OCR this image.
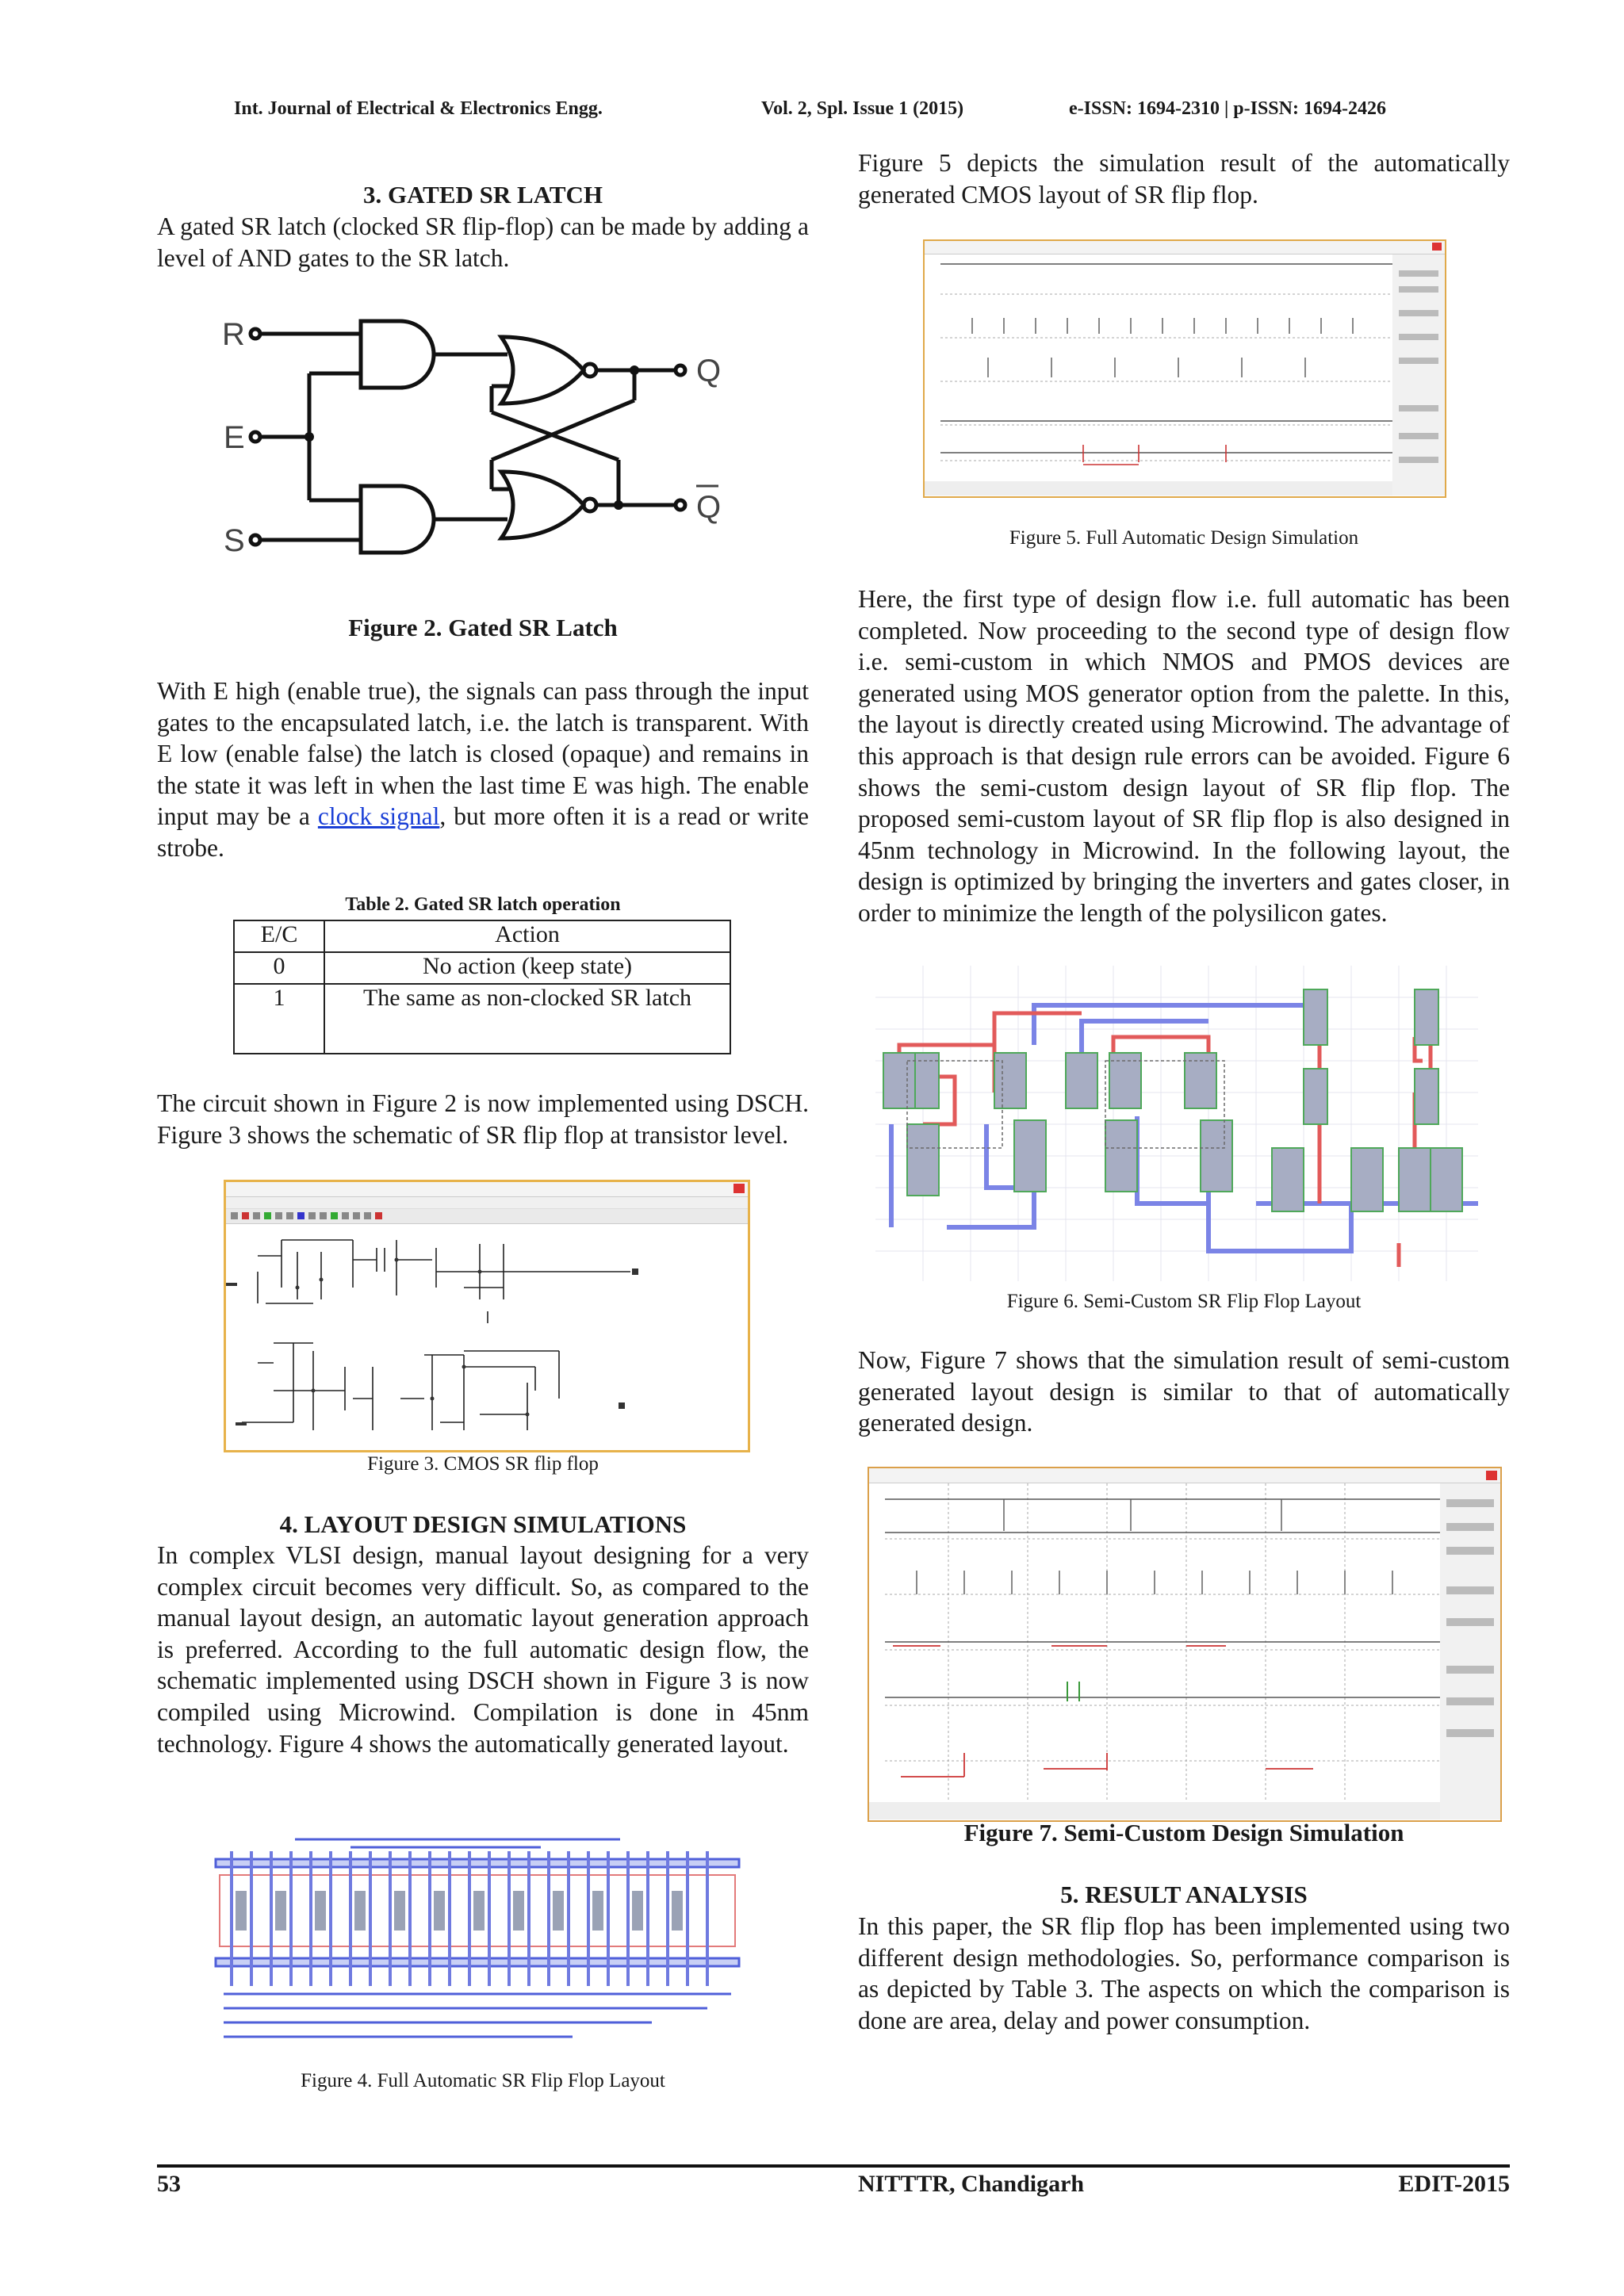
Int. Journal of Electrical & Electronics Engg.	Vol. 2, Spl. Issue 1 (2015)	e-ISSN: 1694-2310 | p-ISSN: 1694-2426

3. GATED SR LATCH

A gated SR latch (clocked SR flip-flop) can be made by adding a level of AND gates to the SR latch.

R
E
S
Q
Q
Figure 2. Gated SR Latch

With E high (enable true), the signals can pass through the input gates to the encapsulated latch, i.e. the latch is transparent. With E low (enable false) the latch is closed (opaque) and remains in the state it was left in when the last time E was high. The enable input may be a clock signal, but more often it is a read or write strobe.

Table 2. Gated SR latch operation
E/C	Action
0	No action (keep state)
1	The same as non-clocked SR latch

The circuit shown in Figure 2 is now implemented using DSCH. Figure 3 shows the schematic of SR flip flop at transistor level.

Figure 3. CMOS SR flip flop

4. LAYOUT DESIGN SIMULATIONS

In complex VLSI design, manual layout designing for a very complex circuit becomes very difficult. So, as compared to the manual layout design, an automatic layout generation approach is preferred. According to the full automatic design flow, the schematic implemented using DSCH shown in Figure 3 is now compiled using Microwind. Compilation is done in 45nm technology. Figure 4 shows the automatically generated layout.

Figure 4. Full Automatic SR Flip Flop Layout

Figure 5 depicts the simulation result of the automatically generated CMOS layout of SR flip flop.

Figure 5. Full Automatic Design Simulation

Here, the first type of design flow i.e. full automatic has been completed. Now proceeding to the second type of design flow i.e. semi-custom in which NMOS and PMOS devices are generated using MOS generator option from the palette. In this, the layout is directly created using Microwind. The advantage of this approach is that design rule errors can be avoided. Figure 6 shows the semi-custom design layout of SR flip flop. The proposed semi-custom layout of SR flip flop is also designed in 45nm technology in Microwind. In the following layout, the design is optimized by bringing the inverters and gates closer, in order to minimize the length of the polysilicon gates.

Figure 6. Semi-Custom SR Flip Flop Layout

Now, Figure 7 shows that the simulation result of semi-custom generated layout design is similar to that of automatically generated design.

Figure 7. Semi-Custom Design Simulation

5. RESULT ANALYSIS

In this paper, the SR flip flop has been implemented using two different design methodologies. So, performance comparison is as depicted by Table 3. The aspects on which the comparison is done are area, delay and power consumption.

53	NITTTR, Chandigarh	EDIT-2015
